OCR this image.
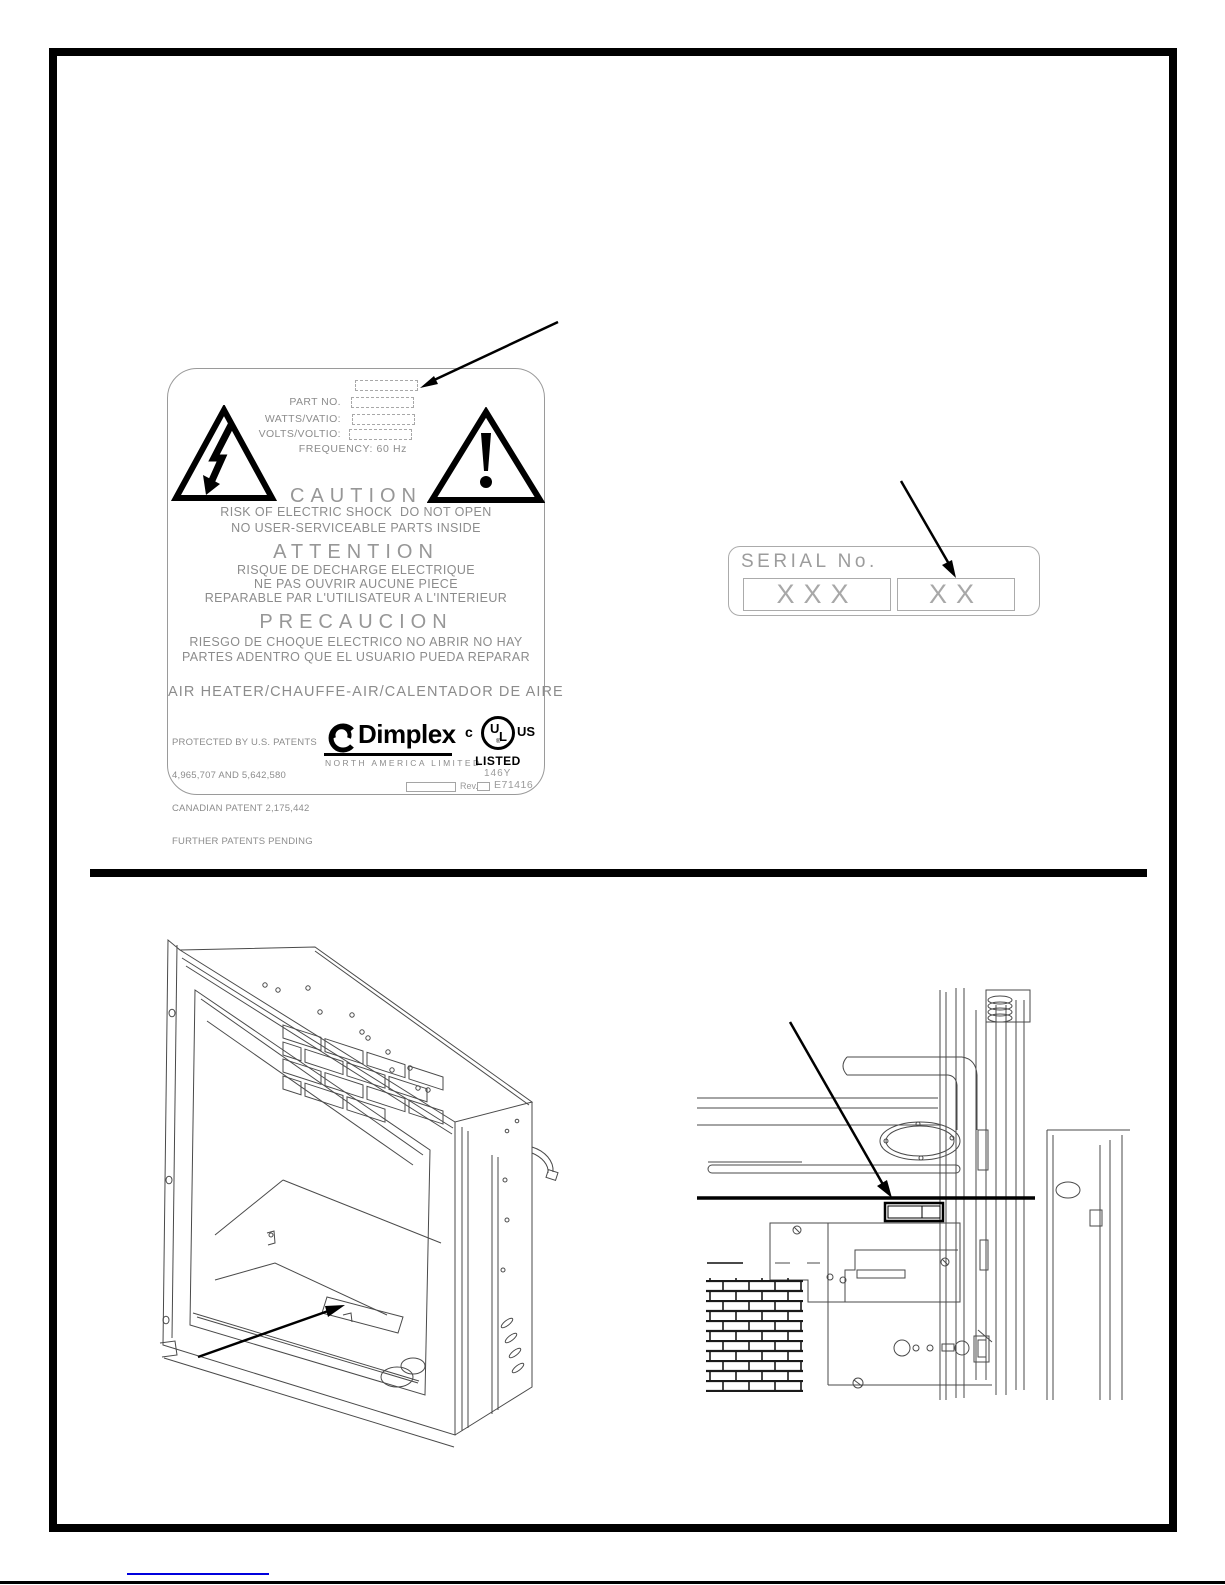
PART NO.
WATTS/VATIO:
VOLTS/VOLTIO:
FREQUENCY: 60 Hz
CAUTION
RISK OF ELECTRIC SHOCK  DO NOT OPEN
NO USER-SERVICEABLE PARTS INSIDE
ATTENTION
RISQUE DE DECHARGE ELECTRIQUE
NE PAS OUVRIR AUCUNE PIECE
REPARABLE PAR L'UTILISATEUR A L'INTERIEUR
PRECAUCION
RIESGO DE CHOQUE ELECTRICO NO ABRIR NO HAY
PARTES ADENTRO QUE EL USUARIO PUEDA REPARAR
AIR HEATER/CHAUFFE-AIR/CALENTADOR DE AIRE

PROTECTED BY U.S. PATENTS

4,965,707 AND 5,642,580

CANADIAN PATENT 2,175,442

FURTHER PATENTS PENDING

Dimplex
NORTH AMERICA LIMITED
c U
L
®
US
LISTED
146Y
Rev. E71416
SERIAL No.
XXX	XX
